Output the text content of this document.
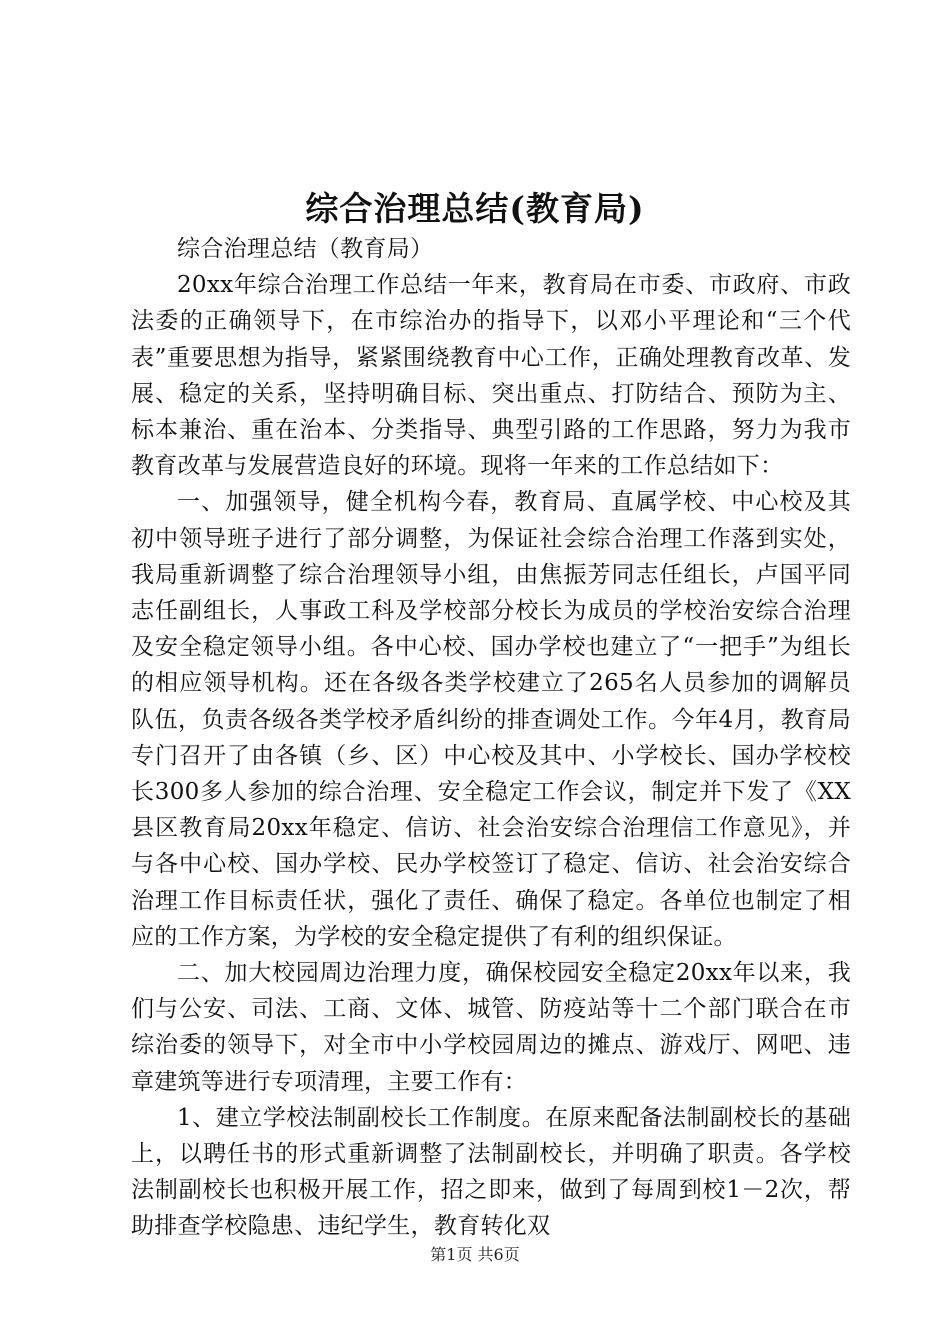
综合治理总结(教育局)

综合治理总结（教育局）

20xx年综合治理工作总结一年来，教育局在市委、市政府、市政法委的正确领导下，在市综治办的指导下，以邓小平理论和“三个代表”重要思想为指导，紧紧围绕教育中心工作，正确处理教育改革、发展、稳定的关系，坚持明确目标、突出重点、打防结合、预防为主、标本兼治、重在治本、分类指导、典型引路的工作思路，努力为我市教育改革与发展营造良好的环境。现将一年来的工作总结如下：

一、加强领导，健全机构今春，教育局、直属学校、中心校及其初中领导班子进行了部分调整，为保证社会综合治理工作落到实处，我局重新调整了综合治理领导小组，由焦振芳同志任组长，卢国平同志任副组长，人事政工科及学校部分校长为成员的学校治安综合治理及安全稳定领导小组。各中心校、国办学校也建立了“一把手”为组长的相应领导机构。还在各级各类学校建立了265名人员参加的调解员队伍，负责各级各类学校矛盾纠纷的排查调处工作。今年4月，教育局专门召开了由各镇（乡、区）中心校及其中、小学校长、国办学校校长300多人参加的综合治理、安全稳定工作会议，制定并下发了《XX县区教育局20xx年稳定、信访、社会治安综合治理信工作意见》，并与各中心校、国办学校、民办学校签订了稳定、信访、社会治安综合治理工作目标责任状，强化了责任、确保了稳定。各单位也制定了相应的工作方案，为学校的安全稳定提供了有利的组织保证。

二、加大校园周边治理力度，确保校园安全稳定20xx年以来，我们与公安、司法、工商、文体、城管、防疫站等十二个部门联合在市综治委的领导下，对全市中小学校园周边的摊点、游戏厅、网吧、违章建筑等进行专项清理，主要工作有：

1、建立学校法制副校长工作制度。在原来配备法制副校长的基础上，以聘任书的形式重新调整了法制副校长，并明确了职责。各学校法制副校长也积极开展工作，招之即来，做到了每周到校1－2次，帮助排查学校隐患、违纪学生，教育转化双

第1页 共6页
